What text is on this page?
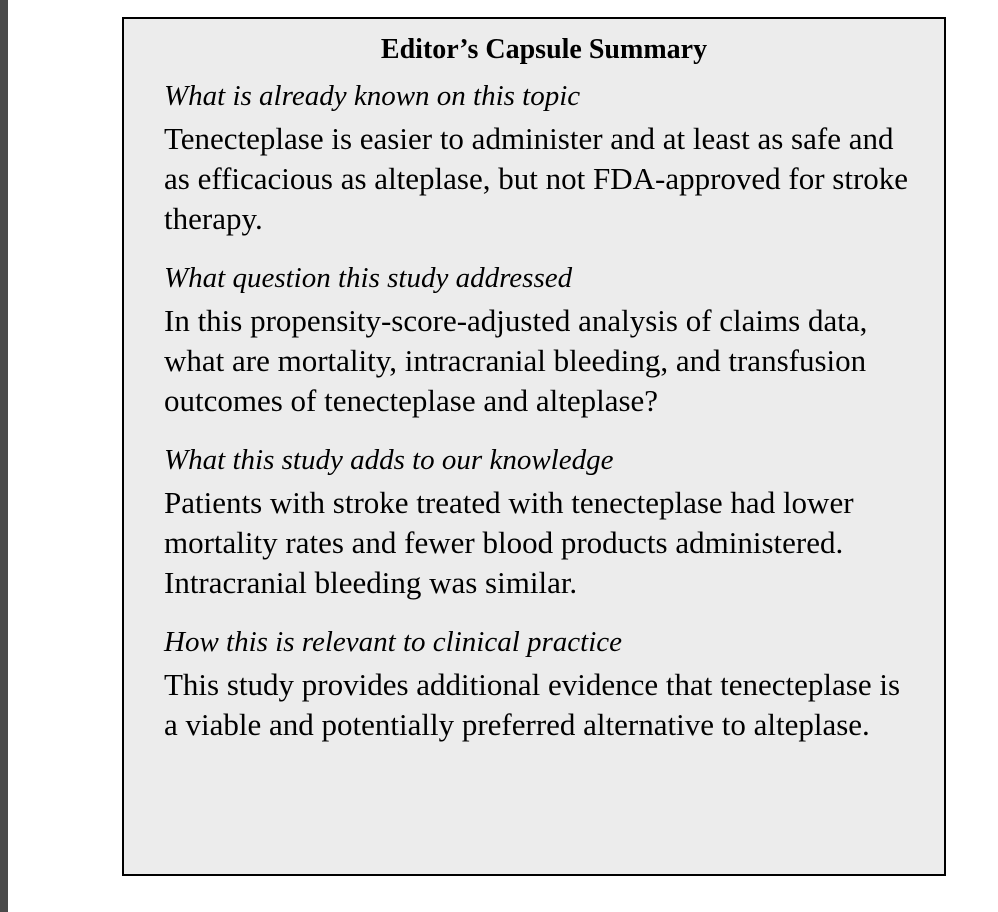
Editor’s Capsule Summary
What is already known on this topic

Tenecteplase is easier to administer and at least as safe and as efficacious as alteplase, but not FDA-approved for stroke therapy.

What question this study addressed

In this propensity-score-adjusted analysis of claims data, what are mortality, intracranial bleeding, and transfusion outcomes of tenecteplase and alteplase?

What this study adds to our knowledge

Patients with stroke treated with tenecteplase had lower mortality rates and fewer blood products administered. Intracranial bleeding was similar.

How this is relevant to clinical practice

This study provides additional evidence that tenecteplase is a viable and potentially preferred alternative to alteplase.
